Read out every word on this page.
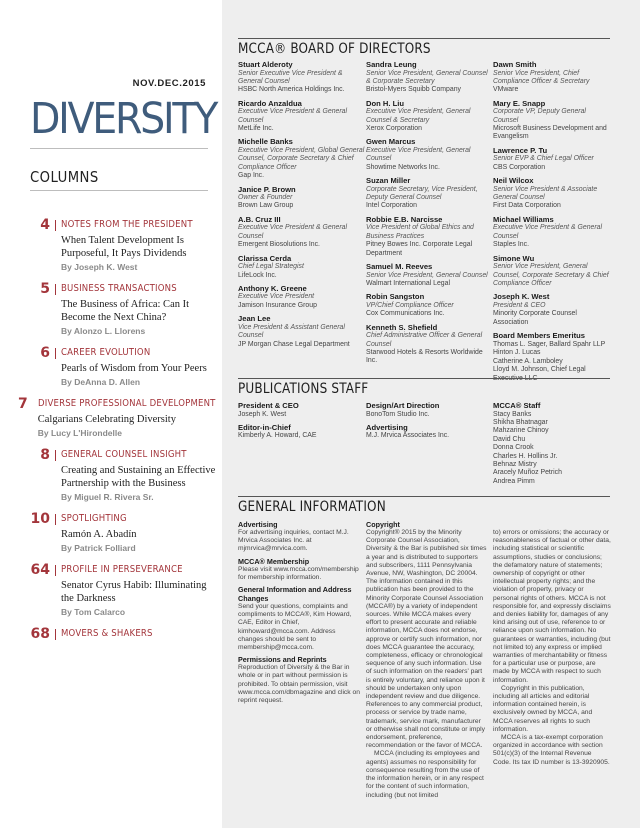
NOV.DEC.2015
DIVERSITY
COLUMNS
4 NOTES FROM THE PRESIDENT
When Talent Development Is Purposeful, It Pays Dividends
By Joseph K. West
5 BUSINESS TRANSACTIONS
The Business of Africa: Can It Become the Next China?
By Alonzo L. Llorens
6 CAREER EVOLUTION
Pearls of Wisdom from Your Peers
By DeAnna D. Allen
7 DIVERSE PROFESSIONAL DEVELOPMENT
Calgarians Celebrating Diversity
By Lucy L'Hirondelle
8 GENERAL COUNSEL INSIGHT
Creating and Sustaining an Effective Partnership with the Business
By Miguel R. Rivera Sr.
10 SPOTLIGHTING
Ramón A. Abadín
By Patrick Folliard
64 PROFILE IN PERSEVERANCE
Senator Cyrus Habib: Illuminating the Darkness
By Tom Calarco
68 MOVERS & SHAKERS
MCCA® BOARD OF DIRECTORS
Stuart Alderoty
Senior Executive Vice President & General Counsel
HSBC North America Holdings Inc.
Ricardo Anzaldua
Executive Vice President & General Counsel
MetLife Inc.
Michelle Banks
Executive Vice President, Global General Counsel, Corporate Secretary & Chief Compliance Officer
Gap Inc.
Janice P. Brown
Owner & Founder
Brown Law Group
A.B. Cruz III
Executive Vice President & General Counsel
Emergent Biosolutions Inc.
Clarissa Cerda
Chief Legal Strategist
LifeLock Inc.
Anthony K. Greene
Executive Vice President
Jamison Insurance Group
Jean Lee
Vice President & Assistant General Counsel
JP Morgan Chase Legal Department
Sandra Leung
Senior Vice President, General Counsel & Corporate Secretary
Bristol-Myers Squibb Company
Don H. Liu
Executive Vice President, General Counsel & Secretary
Xerox Corporation
Gwen Marcus
Executive Vice President, General Counsel
Showtime Networks Inc.
Suzan Miller
Corporate Secretary, Vice President, Deputy General Counsel
Intel Corporation
Robbie E.B. Narcisse
Vice President of Global Ethics and Business Practices
Pitney Bowes Inc. Corporate Legal Department
Samuel M. Reeves
Senior Vice President, General Counsel
Walmart International Legal
Robin Sangston
VP/Chief Compliance Officer
Cox Communications Inc.
Kenneth S. Shefield
Chief Administrative Officer & General Counsel
Starwood Hotels & Resorts Worldwide Inc.
Dawn Smith
Senior Vice President, Chief Compliance Officer & Secretary
VMware
Mary E. Snapp
Corporate VP, Deputy General Counsel
Microsoft Business Development and Evangelism
Lawrence P. Tu
Senior EVP & Chief Legal Officer
CBS Corporation
Neil Wilcox
Senior Vice President & Associate General Counsel
First Data Corporation
Michael Williams
Executive Vice President & General Counsel
Staples Inc.
Simone Wu
Senior Vice President, General Counsel, Corporate Secretary & Chief Compliance Officer
Joseph K. West
President & CEO
Minority Corporate Counsel Association
Board Members Emeritus
Thomas L. Sager, Ballard Spahr LLP
Hinton J. Lucas
Catherine A. Lamboley
Lloyd M. Johnson, Chief Legal
PUBLICATIONS STAFF
President & CEO
Joseph K. West
Editor-in-Chief
Kimberly A. Howard, CAE
Design/Art Direction
BonoTom Studio Inc.
Advertising
M.J. Mrvica Associates Inc.
MCCA® Staff
Stacy Banks
Shikha Bhatnagar
Mahzarine Chinoy
David Chu
Donna Crook
Charles H. Hollins Jr.
Behnaz Mistry
Aracely Muñoz Petrich
Andrea Pimm
GENERAL INFORMATION
Advertising
For advertising inquiries, contact M.J. Mrvica Associates Inc. at mjmrvica@mrvica.com.
MCCA® Membership
Please visit www.mcca.com/membership for membership information.
General Information and Address Changes
Send your questions, complaints and compliments to MCCA®, Kim Howard, CAE, Editor in Chief, kimhoward@mcca.com. Address changes should be sent to membership@mcca.com.
Permissions and Reprints
Reproduction of Diversity & the Bar in whole or in part without permission is prohibited. To obtain permission, visit www.mcca.com/dbmagazine and click on reprint request.
Copyright
Copyright® 2015 by the Minority Corporate Counsel Association, Diversity & the Bar is published six times a year and is distributed to supporters and subscribers, 1111 Pennsylvania Avenue, NW, Washington, DC 20004. The information contained in this publication has been provided to the Minority Corporate Counsel Association (MCCA®) by a variety of independent sources. While MCCA makes every effort to present accurate and reliable information, MCCA does not endorse, approve or certify such information, nor does MCCA guarantee the accuracy, completeness, efficacy or chronological sequence of any such information. Use of such information on the readers' part is entirely voluntary, and reliance upon it should be undertaken only upon independent review and due diligence. References to any commercial product, process or service by trade name, trademark, service mark, manufacturer or otherwise shall not constitute or imply endorsement, preference, recommendation or the favor of MCCA.
MCCA (including its employees and agents) assumes no responsibility for consequence resulting from the use of the information herein, or in any respect for the content of such information, including (but not limited
to) errors or omissions; the accuracy or reasonableness of factual or other data, including statistical or scientific assumptions, studies or conclusions; the defamatory nature of statements; ownership of copyright or other intellectual property rights; and the violation of property, privacy or personal rights of others. MCCA is not responsible for, and expressly disclaims and denies liability for, damages of any kind arising out of use, reference to or reliance upon such information. No guarantees or warranties, including (but not limited to) any express or implied warranties of merchantability or fitness for a particular use or purpose, are made by MCCA with respect to such information.
Copyright in this publication, including all articles and editorial information contained herein, is exclusively owned by MCCA, and MCCA reserves all rights to such information.
MCCA is a tax-exempt corporation organized in accordance with section 501(c)(3) of the Internal Revenue Code. Its tax ID number is 13-3920905.
